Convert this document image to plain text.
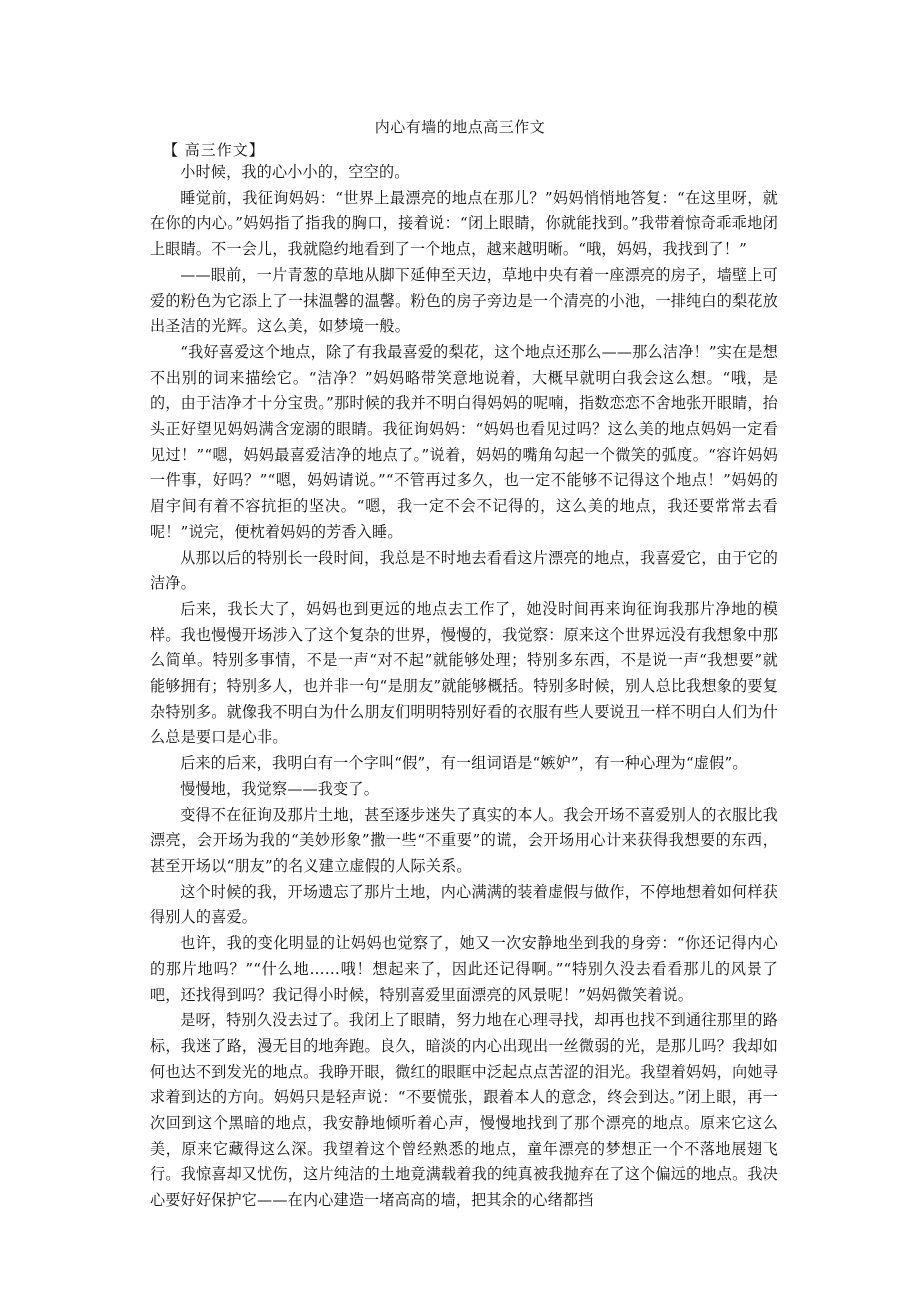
内心有墙的地点高三作文
【 高三作文】

小时候，我的心小小的，空空的。

睡觉前，我征询妈妈：“世界上最漂亮的地点在那儿？”妈妈悄悄地答复：“在这里呀，就在你的内心。”妈妈指了指我的胸口，接着说：“闭上眼睛，你就能找到。”我带着惊奇乖乖地闭上眼睛。不一会儿，我就隐约地看到了一个地点，越来越明晰。“哦，妈妈，我找到了！”

——眼前，一片青葱的草地从脚下延伸至天边，草地中央有着一座漂亮的房子，墙壁上可爱的粉色为它添上了一抹温馨的温馨。粉色的房子旁边是一个清亮的小池，一排纯白的梨花放出圣洁的光辉。这么美，如梦境一般。

“我好喜爱这个地点，除了有我最喜爱的梨花，这个地点还那么——那么洁净！”实在是想不出别的词来描绘它。“洁净？”妈妈略带笑意地说着，大概早就明白我会这么想。“哦，是的，由于洁净才十分宝贵。”那时候的我并不明白得妈妈的呢喃，指数恋恋不舍地张开眼睛，抬头正好望见妈妈满含宠溺的眼睛。我征询妈妈：“妈妈也看见过吗？这么美的地点妈妈一定看见过！”“嗯，妈妈最喜爱洁净的地点了。”说着，妈妈的嘴角勾起一个微笑的弧度。“容许妈妈一件事，好吗？”“嗯，妈妈请说。”“不管再过多久，也一定不能够不记得这个地点！”妈妈的眉宇间有着不容抗拒的坚决。“嗯，我一定不会不记得的，这么美的地点，我还要常常去看呢！”说完，便枕着妈妈的芳香入睡。

从那以后的特别长一段时间，我总是不时地去看看这片漂亮的地点，我喜爱它，由于它的洁净。

后来，我长大了，妈妈也到更远的地点去工作了，她没时间再来询征询我那片净地的模样。我也慢慢开场涉入了这个复杂的世界，慢慢的，我觉察：原来这个世界远没有我想象中那么简单。特别多事情，不是一声“对不起”就能够处理；特别多东西，不是说一声“我想要”就能够拥有；特别多人，也并非一句“是朋友”就能够概括。特别多时候，别人总比我想象的要复杂特别多。就像我不明白为什么朋友们明明特别好看的衣服有些人要说丑一样不明白人们为什么总是要口是心非。

后来的后来，我明白有一个字叫“假”，有一组词语是“嫉妒”，有一种心理为“虚假”。

慢慢地，我觉察——我变了。

变得不在征询及那片土地，甚至逐步迷失了真实的本人。我会开场不喜爱别人的衣服比我漂亮，会开场为我的“美妙形象”撒一些“不重要”的谎，会开场用心计来获得我想要的东西，甚至开场以“朋友”的名义建立虚假的人际关系。

这个时候的我，开场遗忘了那片土地，内心满满的装着虚假与做作，不停地想着如何样获得别人的喜爱。

也许，我的变化明显的让妈妈也觉察了，她又一次安静地坐到我的身旁：“你还记得内心的那片地吗？”“什么地……哦！想起来了，因此还记得啊。”“特别久没去看看那儿的风景了吧，还找得到吗？我记得小时候，特别喜爱里面漂亮的风景呢！”妈妈微笑着说。

是呀，特别久没去过了。我闭上了眼睛，努力地在心理寻找，却再也找不到通往那里的路标，我迷了路，漫无目的地奔跑。良久，暗淡的内心出现出一丝微弱的光，是那儿吗？我却如何也达不到发光的地点。我睁开眼，微红的眼眶中泛起点点苦涩的泪光。我望着妈妈，向她寻求着到达的方向。妈妈只是轻声说：“不要慌张，跟着本人的意念，终会到达。”闭上眼，再一次回到这个黑暗的地点，我安静地倾听着心声，慢慢地找到了那个漂亮的地点。原来它这么美，原来它藏得这么深。我望着这个曾经熟悉的地点，童年漂亮的梦想正一个不落地展翅飞行。我惊喜却又忧伤，这片纯洁的土地竟满载着我的纯真被我抛弃在了这个偏远的地点。我决心要好好保护它——在内心建造一堵高高的墙，把其余的心绪都挡
